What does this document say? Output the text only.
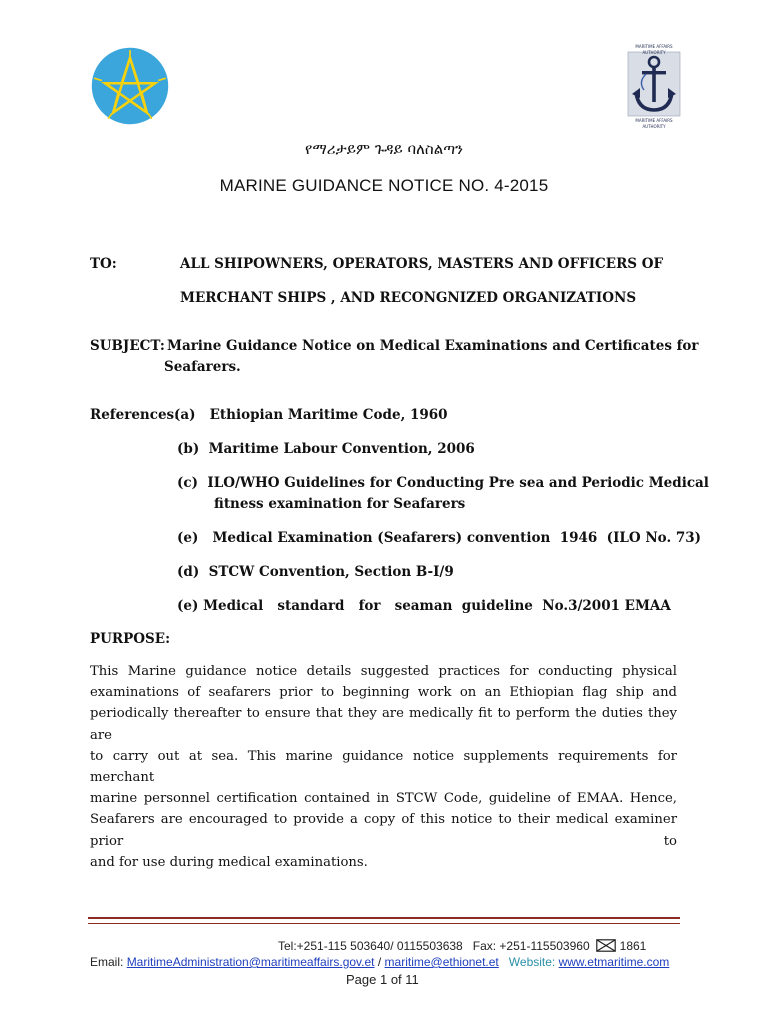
MARITIME AFFAIRS AUTHORITY
MARITIME AFFAIRS AUTHORITY
የማሪታይም ጉዳይ ባለስልጣን
MARINE GUIDANCE NOTICE NO. 4-2015
TO:	ALL SHIPOWNERS, OPERATORS, MASTERS AND OFFICERS OF
MERCHANT SHIPS , AND RECONGNIZED ORGANIZATIONS
SUBJECT: Marine Guidance Notice on Medical Examinations and Certificates for
Seafarers.
References:
(a)   Ethiopian Maritime Code, 1960
(b)  Maritime Labour Convention, 2006
(c)  ILO/WHO Guidelines for Conducting Pre sea and Periodic Medical
fitness examination for Seafarers
(e)   Medical Examination (Seafarers) convention  1946  (ILO No. 73)
(d)  STCW Convention, Section B-I/9
(e) Medical   standard   for   seaman  guideline  No.3/2001 EMAA
PURPOSE:
This Marine guidance notice details suggested practices for conducting physical
examinations of seafarers prior to beginning work on an Ethiopian flag ship and
periodically thereafter to ensure that they are medically fit to perform the duties they are
to carry out at sea. This marine guidance notice supplements requirements for merchant
marine personnel certification contained in STCW Code, guideline of EMAA. Hence,
Seafarers are encouraged to provide a copy of this notice to their medical examiner prior to
and for use during medical examinations.
Tel:+251-115 503640/ 0115503638 Fax: +251-115503960	1861
Email: MaritimeAdministration@maritimeaffairs.gov.et / maritime@ethionet.et Website: www.etmaritime.com
Page 1 of 11
